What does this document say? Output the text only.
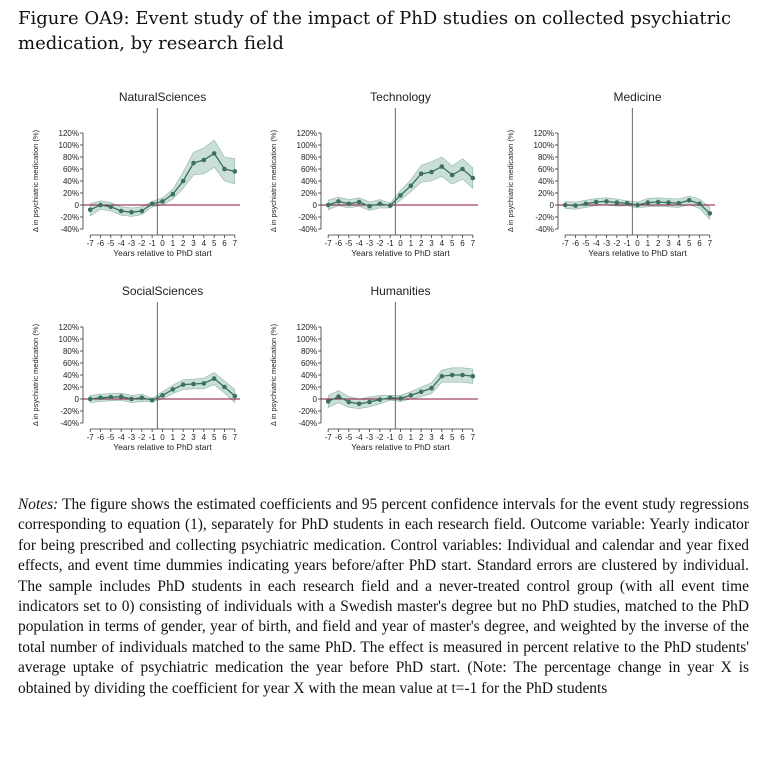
Figure OA9: Event study of the impact of PhD studies on collected psychiatric medication, by research field
NaturalSciences
Δ in psychiatric medication (%)	-40%
-20%
0
20%
40%
60%
80%
100%
120%
-7 -6 -5 -4 -3 -2 -1 0 1 2 3 4 5 6 7
Years relative to PhD start
Technology
Δ in psychiatric medication (%)	-40%
-20%
0
20%
40%
60%
80%
100%
120%
-7 -6 -5 -4 -3 -2 -1 0 1 2 3 4 5 6 7
Years relative to PhD start
Medicine
Δ in psychiatric medication (%)	-40%
-20%
0
20%
40%
60%
80%
100%
120%
-7 -6 -5 -4 -3 -2 -1 0 1 2 3 4 5 6 7
Years relative to PhD start
SocialSciences
Δ in psychiatric medication (%)	-40%
-20%
0
20%
40%
60%
80%
100%
120%
-7 -6 -5 -4 -3 -2 -1 0 1 2 3 4 5 6 7
Years relative to PhD start
Humanities
Δ in psychiatric medication (%)	-40%
-20%
0
20%
40%
60%
80%
100%
120%
-7 -6 -5 -4 -3 -2 -1 0 1 2 3 4 5 6 7
Years relative to PhD start
Notes: The figure shows the estimated coefficients and 95 percent confidence intervals for the event study regressions corresponding to equation (1), separately for PhD students in each research field. Outcome variable: Yearly indicator for being prescribed and collecting psychiatric medication. Control variables: Individual and calendar and year fixed effects, and event time dummies indicating years before/after PhD start. Standard errors are clustered by individual. The sample includes PhD students in each research field and a never-treated control group (with all event time indicators set to 0) consisting of individuals with a Swedish master's degree but no PhD studies, matched to the PhD population in terms of gender, year of birth, and field and year of master's degree, and weighted by the inverse of the total number of individuals matched to the same PhD. The effect is measured in percent relative to the PhD students' average uptake of psychiatric medication the year before PhD start. (Note: The percentage change in year X is obtained by dividing the coefficient for year X with the mean value at t=-1 for the PhD students
